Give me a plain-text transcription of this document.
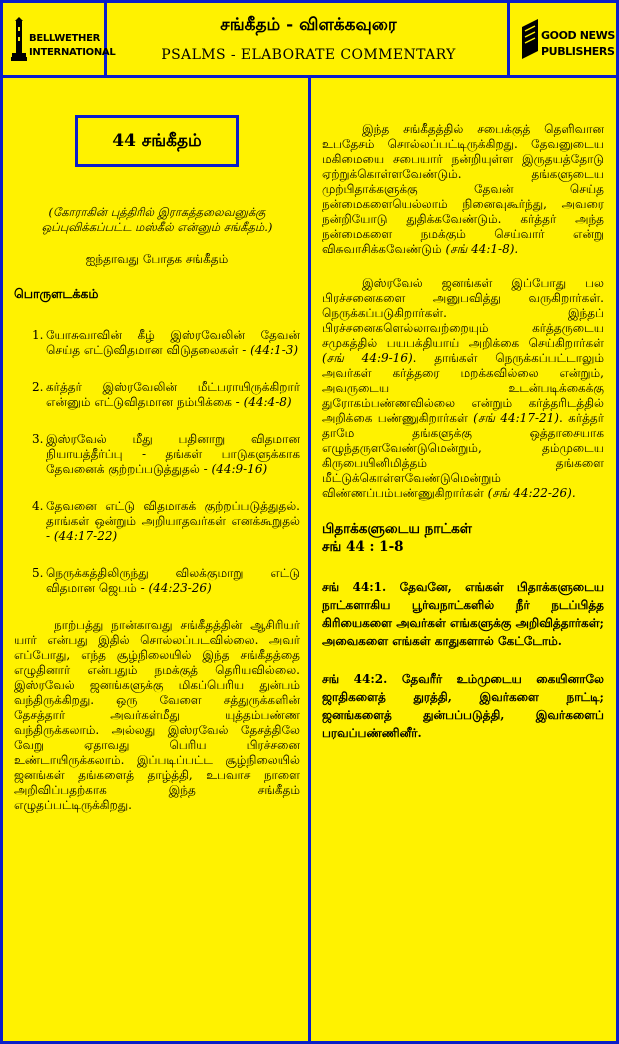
BELLWETHER
INTERNATIONAL
சங்கீதம் - விளக்கவுரை
PSALMS - ELABORATE COMMENTARY
GOOD NEWS
PUBLISHERS
44 சங்கீதம்
(கோராகின் புத்திரில் இராகத்தலைவனுக்கு ஒப்புவிக்கப்பட்ட மஸ்கீல் என்னும் சங்கீதம்.)
ஐந்தாவது போதக சங்கீதம்
பொருளடக்கம்
1. யோசுவாவின் கீழ் இஸ்ரவேலின் தேவன் செய்த எட்டுவிதமான விடுதலைகள் - (44:1-3)
2. கர்த்தர் இஸ்ரவேலின் மீட்பராயிருக்கிறார் என்னும் எட்டுவிதமான நம்பிக்கை - (44:4-8)
3. இஸ்ரவேல் மீது பதினாறு விதமான நியாயத்தீர்ப்பு - தங்கள் பாடுகளுக்காக தேவனைக் குற்றப்படுத்துதல் - (44:9-16)
4. தேவனை எட்டு விதமாகக் குற்றப்படுத்துதல். தாங்கள் ஒன்றும் அறியாதவர்கள் எனக்கூறுதல் - (44:17-22)
5. நெருக்கத்திலிருந்து விலக்குமாறு எட்டு விதமான ஜெபம் - (44:23-26)

நாற்பத்து நான்காவது சங்கீதத்தின் ஆசிரியர் யார் என்பது இதில் சொல்லப்படவில்லை. அவர் எப்போது, எந்த சூழ்நிலையில் இந்த சங்கீதத்தை எழுதினார் என்பதும் நமக்குத் தெரியவில்லை. இஸ்ரவேல் ஜனங்களுக்கு மிகப்பெரிய துன்பம் வந்திருக்கிறது. ஒரு வேளை சத்துருக்களின் தேசத்தார் அவர்கள்மீது யுத்தம்பண்ண வந்திருக்கலாம். அல்லது இஸ்ரவேல் தேசத்திலே வேறு ஏதாவது பெரிய பிரச்சனை உண்டாயிருக்கலாம். இப்படிப்பட்ட சூழ்நிலையில் ஜனங்கள் தங்களைத் தாழ்த்தி, உபவாச நாளை அறிவிப்பதற்காக இந்த சங்கீதம் எழுதப்பட்டிருக்கிறது.

இந்த சங்கீதத்தில் சபைக்குத் தெளிவான உபதேசம் சொல்லப்பட்டிருக்கிறது. தேவனுடைய மகிமையை சபையார் நன்றியுள்ள இருதயத்தோடு ஏற்றுக்கொள்ளவேண்டும். தங்களுடைய முற்பிதாக்களுக்கு தேவன் செய்த நன்மைகளையெல்லாம் நினைவுகூர்ந்து, அவரை நன்றியோடு துதிக்கவேண்டும். கர்த்தர் அந்த நன்மைகளை நமக்கும் செய்வார் என்று விசுவாசிக்கவேண்டும் (சங் 44:1-8).

இஸ்ரவேல் ஜனங்கள் இப்போது பல பிரச்சனைகளை அனுபவித்து வருகிறார்கள். நெருக்கப்படுகிறார்கள். இந்தப் பிரச்சனைகளெல்லாவற்றையும் கர்த்தருடைய சமுகத்தில் பயபக்தியாய் அறிக்கை செய்கிறார்கள் (சங் 44:9-16). தாங்கள் நெருக்கப்பட்டாலும் அவர்கள் கர்த்தரை மறக்கவில்லை என்றும், அவருடைய உடன்படிக்கைக்கு துரோகம்பண்ணவில்லை என்றும் கர்த்தரிடத்தில் அறிக்கை பண்ணுகிறார்கள் (சங் 44:17-21). கர்த்தர் தாமே தங்களுக்கு ஒத்தாசையாக எழுந்தருளவேண்டுமென்றும், தம்முடைய கிருபையினிமித்தம் தங்களை மீட்டுக்கொள்ளவேண்டுமென்றும் விண்ணப்பம்பண்ணுகிறார்கள் (சங் 44:22-26).

பிதாக்களுடைய நாட்கள்
சங் 44 : 1-8

சங் 44:1. தேவனே, எங்கள் பிதாக்களுடைய நாட்களாகிய பூர்வநாட்களில் நீர் நடப்பித்த கிரியைகளை அவர்கள் எங்களுக்கு அறிவித்தார்கள்; அவைகளை எங்கள் காதுகளால் கேட்டோம்.

சங் 44:2. தேவரீர் உம்முடைய கையினாலே ஜாதிகளைத் துரத்தி, இவர்களை நாட்டி; ஜனங்களைத் துன்பப்படுத்தி, இவர்களைப் பரவப்பண்ணினீர்.
